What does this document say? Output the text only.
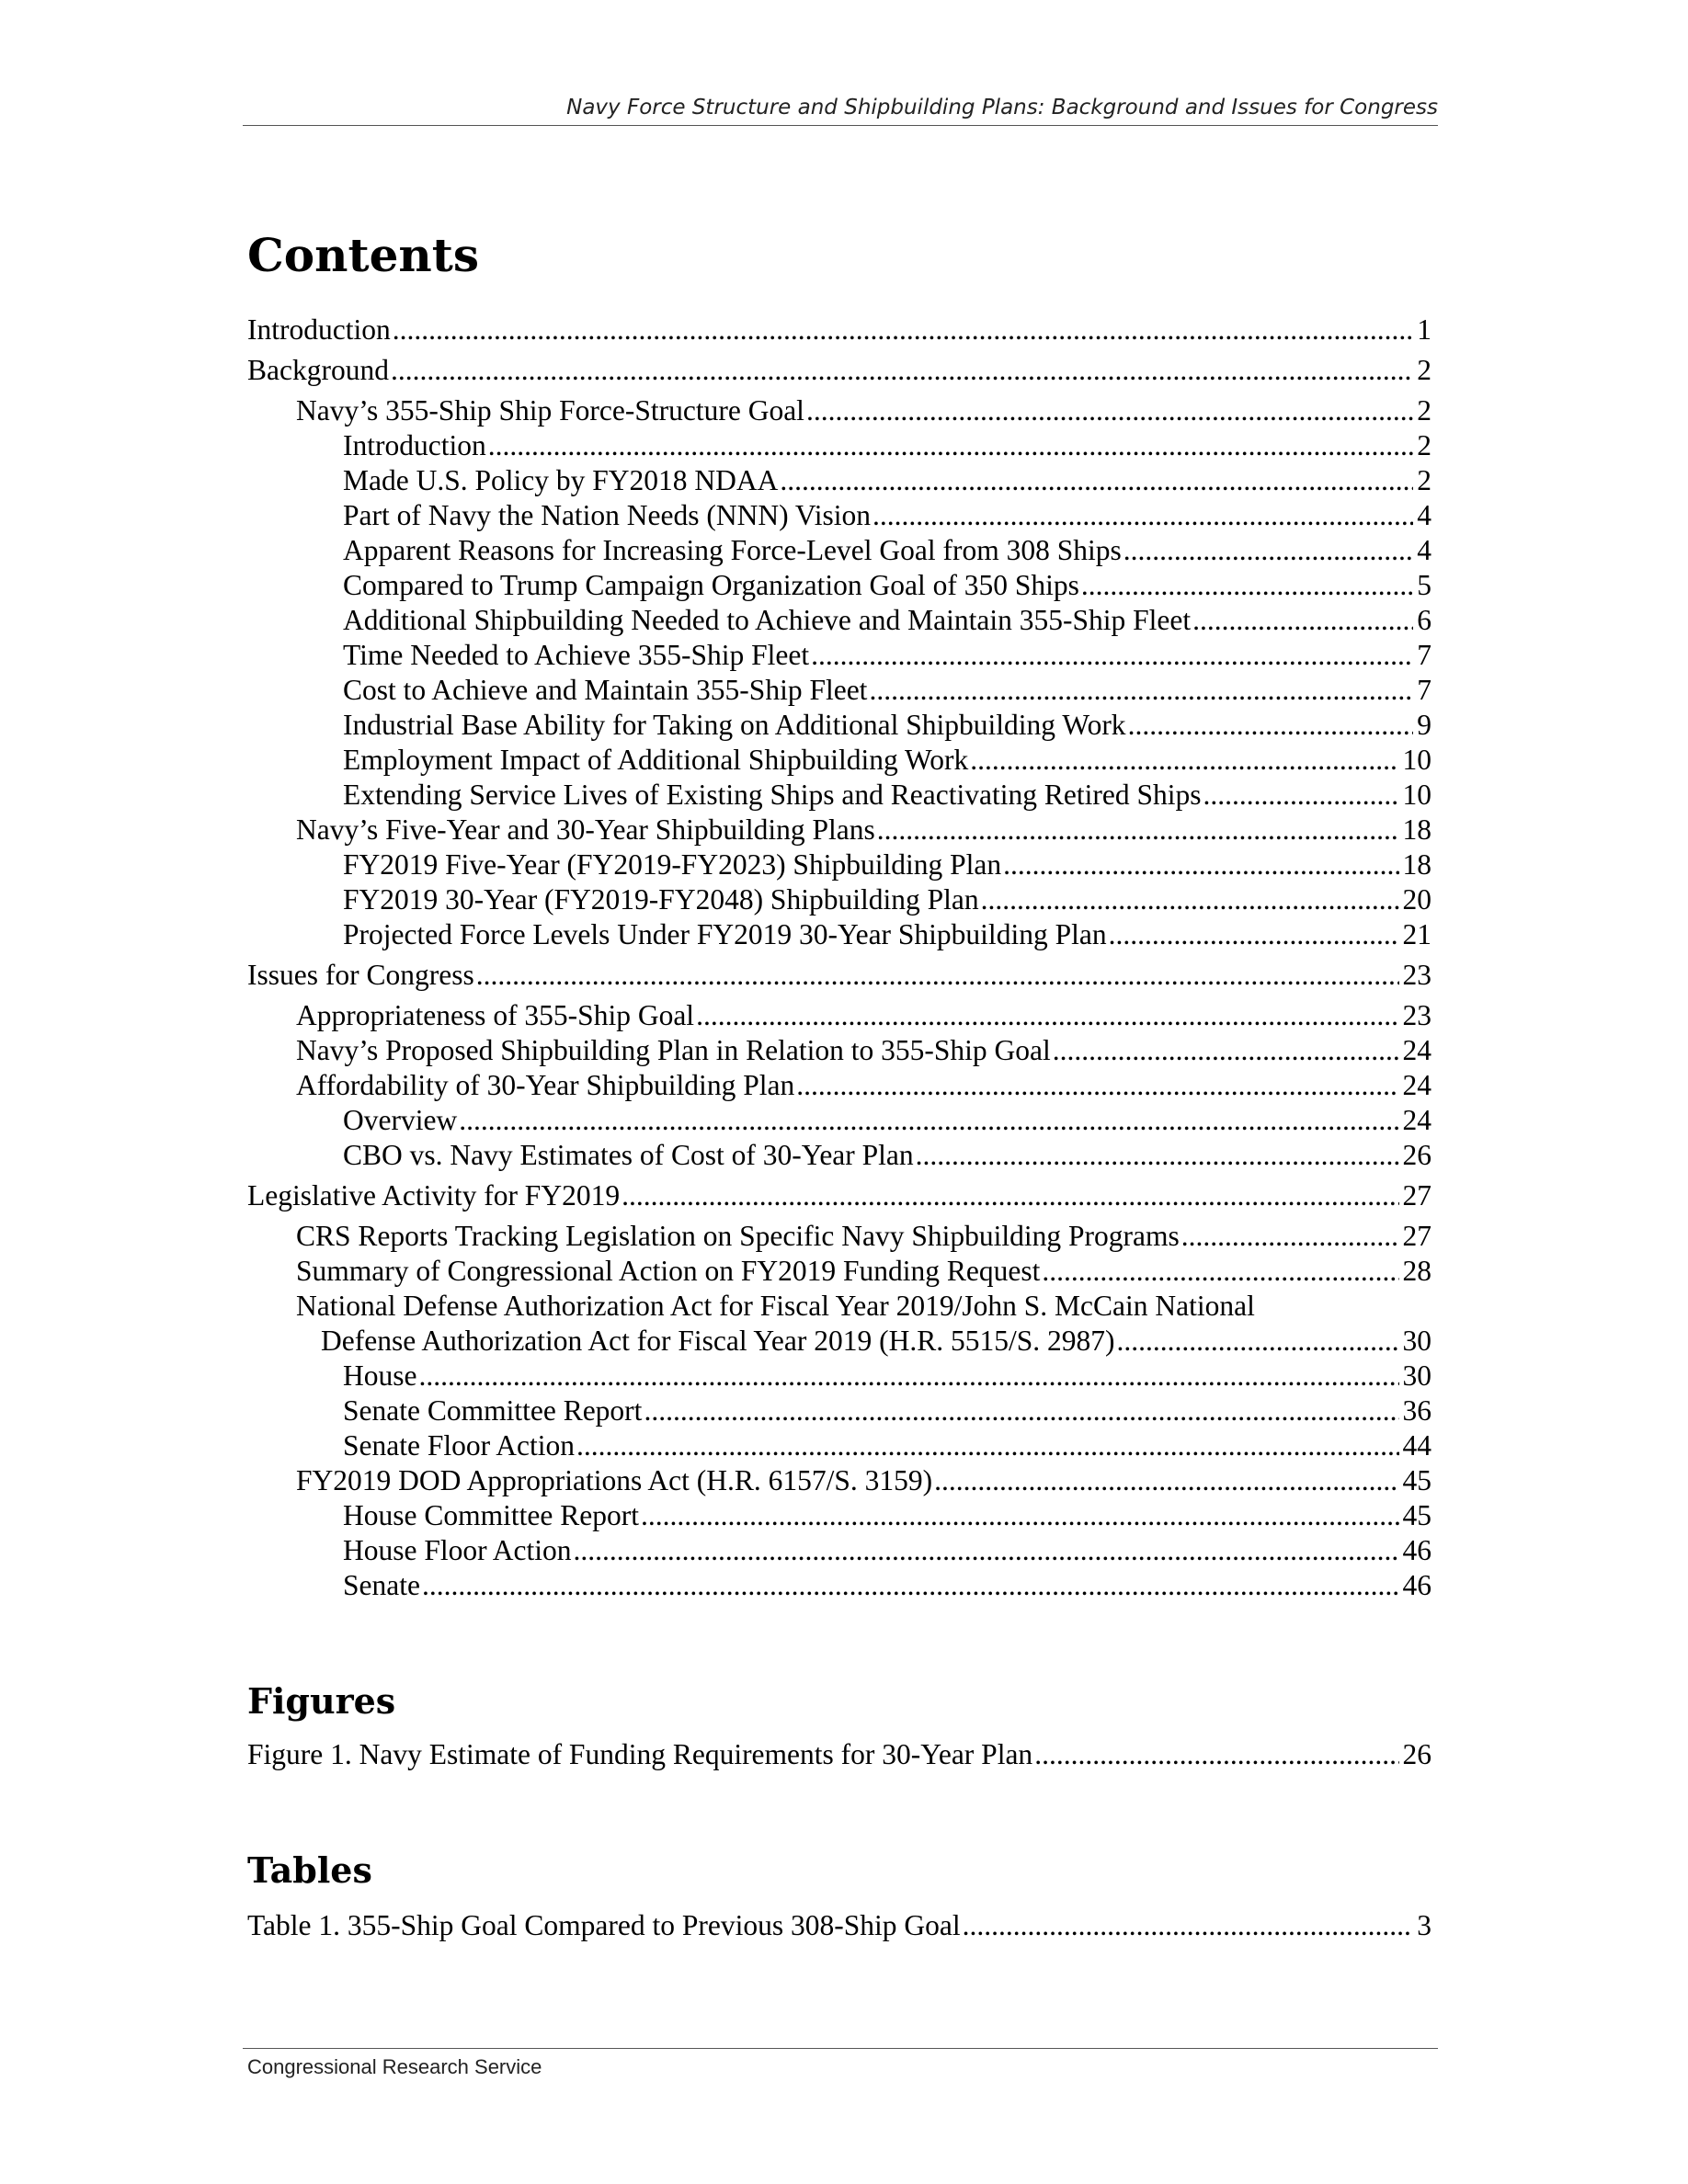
Navy Force Structure and Shipbuilding Plans: Background and Issues for Congress
Contents
Introduction .....	1
Background .....	2
Navy’s 355-Ship Ship Force-Structure Goal .....	2
Introduction .....	2
Made U.S. Policy by FY2018 NDAA .....	2
Part of Navy the Nation Needs (NNN) Vision .....	4
Apparent Reasons for Increasing Force-Level Goal from 308 Ships .....	4
Compared to Trump Campaign Organization Goal of 350 Ships .....	5
Additional Shipbuilding Needed to Achieve and Maintain 355-Ship Fleet .....	6
Time Needed to Achieve 355-Ship Fleet .....	7
Cost to Achieve and Maintain 355-Ship Fleet .....	7
Industrial Base Ability for Taking on Additional Shipbuilding Work .....	9
Employment Impact of Additional Shipbuilding Work .....	10
Extending Service Lives of Existing Ships and Reactivating Retired Ships .....	10
Navy’s Five-Year and 30-Year Shipbuilding Plans .....	18
FY2019 Five-Year (FY2019-FY2023) Shipbuilding Plan .....	18
FY2019 30-Year (FY2019-FY2048) Shipbuilding Plan .....	20
Projected Force Levels Under FY2019 30-Year Shipbuilding Plan .....	21
Issues for Congress .....	23
Appropriateness of 355-Ship Goal .....	23
Navy’s Proposed Shipbuilding Plan in Relation to 355-Ship Goal .....	24
Affordability of 30-Year Shipbuilding Plan .....	24
Overview .....	24
CBO vs. Navy Estimates of Cost of 30-Year Plan .....	26
Legislative Activity for FY2019 .....	27
CRS Reports Tracking Legislation on Specific Navy Shipbuilding Programs .....	27
Summary of Congressional Action on FY2019 Funding Request .....	28
National Defense Authorization Act for Fiscal Year 2019/John S. McCain National
Defense Authorization Act for Fiscal Year 2019 (H.R. 5515/S. 2987) .....	30
House .....	30
Senate Committee Report .....	36
Senate Floor Action .....	44
FY2019 DOD Appropriations Act (H.R. 6157/S. 3159) .....	45
House Committee Report .....	45
House Floor Action .....	46
Senate .....	46
Figures
Figure 1. Navy Estimate of Funding Requirements for 30-Year Plan .....	26
Tables
Table 1. 355-Ship Goal Compared to Previous 308-Ship Goal .....	3
Congressional Research Service
